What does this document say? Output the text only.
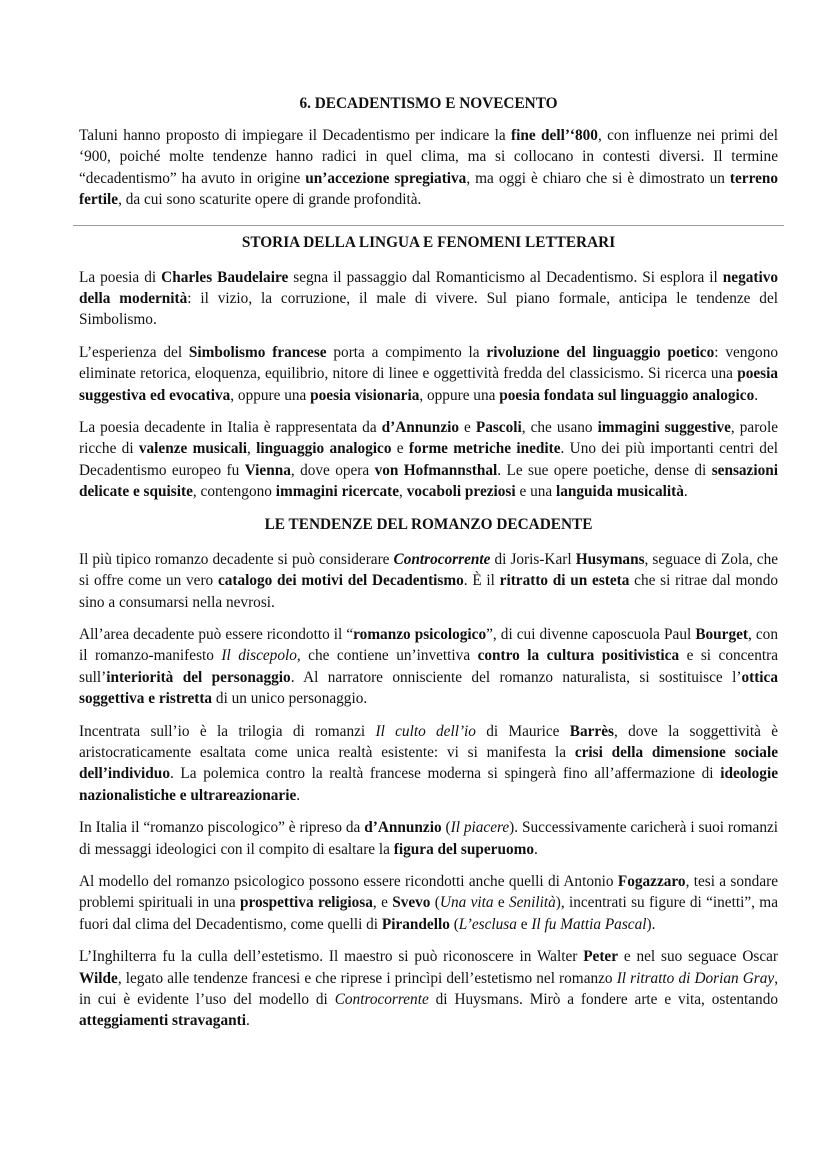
6. DECADENTISMO E NOVECENTO

Taluni hanno proposto di impiegare il Decadentismo per indicare la fine dell’‘800, con influenze nei primi del ‘900, poiché molte tendenze hanno radici in quel clima, ma si collocano in contesti diversi. Il termine “decadentismo” ha avuto in origine un’accezione spregiativa, ma oggi è chiaro che si è dimostrato un terreno fertile, da cui sono scaturite opere di grande profondità.

STORIA DELLA LINGUA E FENOMENI LETTERARI

La poesia di Charles Baudelaire segna il passaggio dal Romanticismo al Decadentismo. Si esplora il negativo della modernità: il vizio, la corruzione, il male di vivere. Sul piano formale, anticipa le tendenze del Simbolismo.

L’esperienza del Simbolismo francese porta a compimento la rivoluzione del linguaggio poetico: vengono eliminate retorica, eloquenza, equilibrio, nitore di linee e oggettività fredda del classicismo. Si ricerca una poesia suggestiva ed evocativa, oppure una poesia visionaria, oppure una poesia fondata sul linguaggio analogico.

La poesia decadente in Italia è rappresentata da d’Annunzio e Pascoli, che usano immagini suggestive, parole ricche di valenze musicali, linguaggio analogico e forme metriche inedite. Uno dei più importanti centri del Decadentismo europeo fu Vienna, dove opera von Hofmannsthal. Le sue opere poetiche, dense di sensazioni delicate e squisite, contengono immagini ricercate, vocaboli preziosi e una languida musicalità.

LE TENDENZE DEL ROMANZO DECADENTE

Il più tipico romanzo decadente si può considerare Controcorrente di Joris-Karl Husymans, seguace di Zola, che si offre come un vero catalogo dei motivi del Decadentismo. È il ritratto di un esteta che si ritrae dal mondo sino a consumarsi nella nevrosi.

All’area decadente può essere ricondotto il “romanzo psicologico”, di cui divenne caposcuola Paul Bourget, con il romanzo-manifesto Il discepolo, che contiene un’invettiva contro la cultura positivistica e si concentra sull’interiorità del personaggio. Al narratore onnisciente del romanzo naturalista, si sostituisce l’ottica soggettiva e ristretta di un unico personaggio.

Incentrata sull’io è la trilogia di romanzi Il culto dell’io di Maurice Barrès, dove la soggettività è aristocraticamente esaltata come unica realtà esistente: vi si manifesta la crisi della dimensione sociale dell’individuo. La polemica contro la realtà francese moderna si spingerà fino all’affermazione di ideologie nazionalistiche e ultrareazionarie.

In Italia il “romanzo piscologico” è ripreso da d’Annunzio (Il piacere). Successivamente caricherà i suoi romanzi di messaggi ideologici con il compito di esaltare la figura del superuomo.

Al modello del romanzo psicologico possono essere ricondotti anche quelli di Antonio Fogazzaro, tesi a sondare problemi spirituali in una prospettiva religiosa, e Svevo (Una vita e Senilità), incentrati su figure di “inetti”, ma fuori dal clima del Decadentismo, come quelli di Pirandello (L’esclusa e Il fu Mattia Pascal).

L’Inghilterra fu la culla dell’estetismo. Il maestro si può riconoscere in Walter Peter e nel suo seguace Oscar Wilde, legato alle tendenze francesi e che riprese i princìpi dell’estetismo nel romanzo Il ritratto di Dorian Gray, in cui è evidente l’uso del modello di Controcorrente di Huysmans. Mirò a fondere arte e vita, ostentando atteggiamenti stravaganti.
